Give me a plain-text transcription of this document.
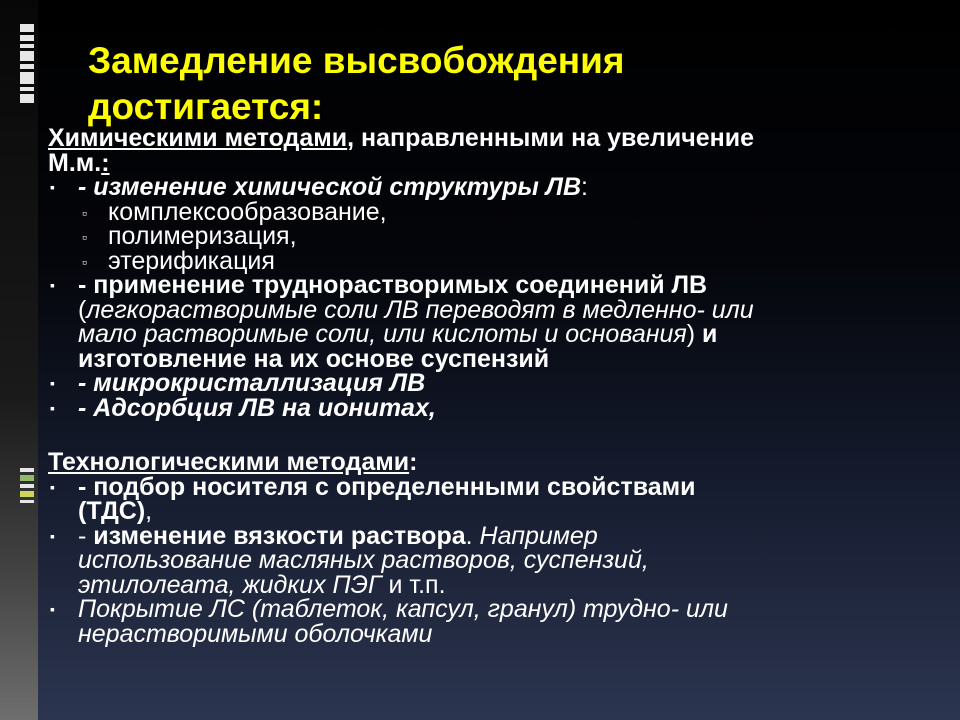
Замедление высвобождения
достигается:
Химическими методами, направленными на увеличение
М.м.:
▪ - изменение химической структуры ЛВ:
▫ комплексообразование,
▫ полимеризация,
▫ этерификация
▪ - применение труднорастворимых соединений ЛВ
(легкорастворимые соли ЛВ переводят в медленно- или
мало растворимые соли, или кислоты и основания) и
изготовление на их основе суспензий
▪ - микрокристаллизация ЛВ
▪ - Адсорбция ЛВ на ионитах,
Технологическими методами:
▪ - подбор носителя с определенными свойствами
(ТДС),
▪ - изменение вязкости раствора. Например
использование масляных растворов, суспензий,
этилолеата, жидких ПЭГ и т.п.
▪ Покрытие ЛС (таблеток, капсул, гранул) трудно- или
нерастворимыми оболочками
